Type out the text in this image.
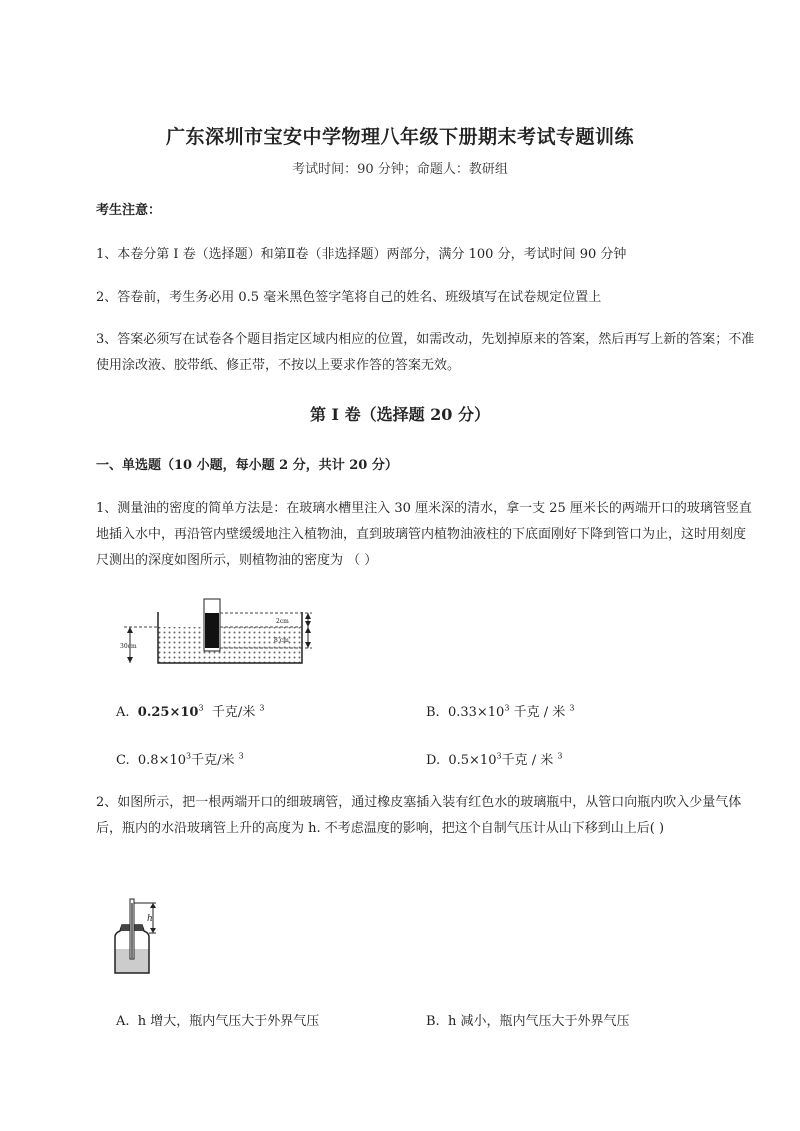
广东深圳市宝安中学物理八年级下册期末考试专题训练
考试时间：90 分钟；命题人：教研组
考生注意：
1、本卷分第 I 卷（选择题）和第Ⅱ卷（非选择题）两部分，满分 100 分，考试时间 90 分钟
2、答卷前，考生务必用 0.5 毫米黑色签字笔将自己的姓名、班级填写在试卷规定位置上
3、答案必须写在试卷各个题目指定区域内相应的位置，如需改动，先划掉原来的答案，然后再写上新的答案；不准使用涂改液、胶带纸、修正带，不按以上要求作答的答案无效。
第 I 卷（选择题 20 分）
一、单选题（10 小题，每小题 2 分，共计 20 分）
1、测量油的密度的简单方法是：在玻璃水槽里注入 30 厘米深的清水，拿一支 25 厘米长的两端开口的玻璃管竖直地插入水中，再沿管内壁缓缓地注入植物油，直到玻璃管内植物油液柱的下底面刚好下降到管口为止，这时用刻度尺测出的深度如图所示，则植物油的密度为 （ ）
30cm
2cm
8 cm
A. $0.25\times 10^3$ 千克/米 $^3$	B. $0.33\times 10^3$ 千克 / 米 $^3$
C. $0.8\times 10^3$千克/米 $^3$	D. $0.5\times 10^3$千克 / 米 $^3$
2、如图所示，把一根两端开口的细玻璃管，通过橡皮塞插入装有红色水的玻璃瓶中，从管口向瓶内吹入少量气体后，瓶内的水沿玻璃管上升的高度为 h. 不考虑温度的影响，把这个自制气压计从山下移到山上后( )
h
A. h 增大，瓶内气压大于外界气压	B. h 减小，瓶内气压大于外界气压
